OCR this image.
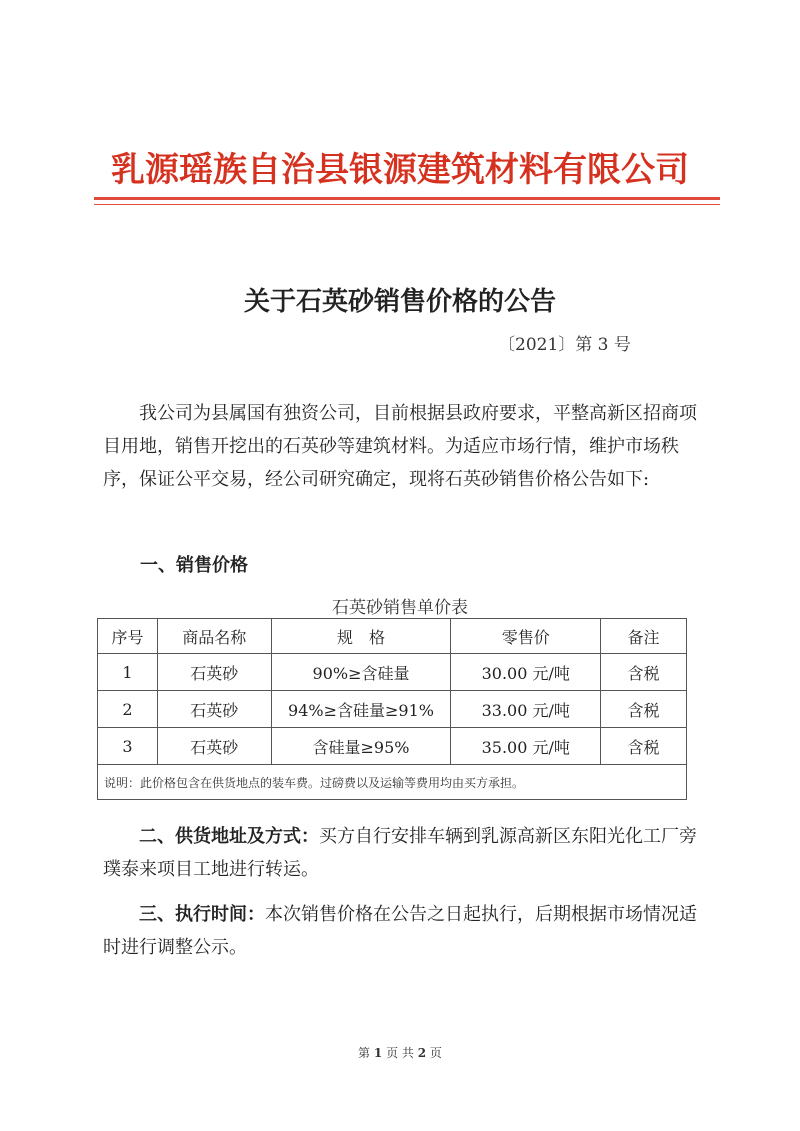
乳源瑶族自治县银源建筑材料有限公司
关于石英砂销售价格的公告
〔2021〕第 3 号
我公司为县属国有独资公司，目前根据县政府要求，平整高新区招商项目用地，销售开挖出的石英砂等建筑材料。为适应市场行情，维护市场秩序，保证公平交易，经公司研究确定，现将石英砂销售价格公告如下:
一、销售价格
石英砂销售单价表
序号	商品名称	规　格	零售价	备注
1	石英砂	90%≥含硅量	30.00 元/吨	含税
2	石英砂	94%≥含硅量≥91%	33.00 元/吨	含税
3	石英砂	含硅量≥95%	35.00 元/吨	含税
说明：此价格包含在供货地点的装车费。过磅费以及运输等费用均由买方承担。				
二、供货地址及方式：买方自行安排车辆到乳源高新区东阳光化工厂旁璞泰来项目工地进行转运。
三、执行时间：本次销售价格在公告之日起执行，后期根据市场情况适时进行调整公示。
第 1 页 共 2 页
